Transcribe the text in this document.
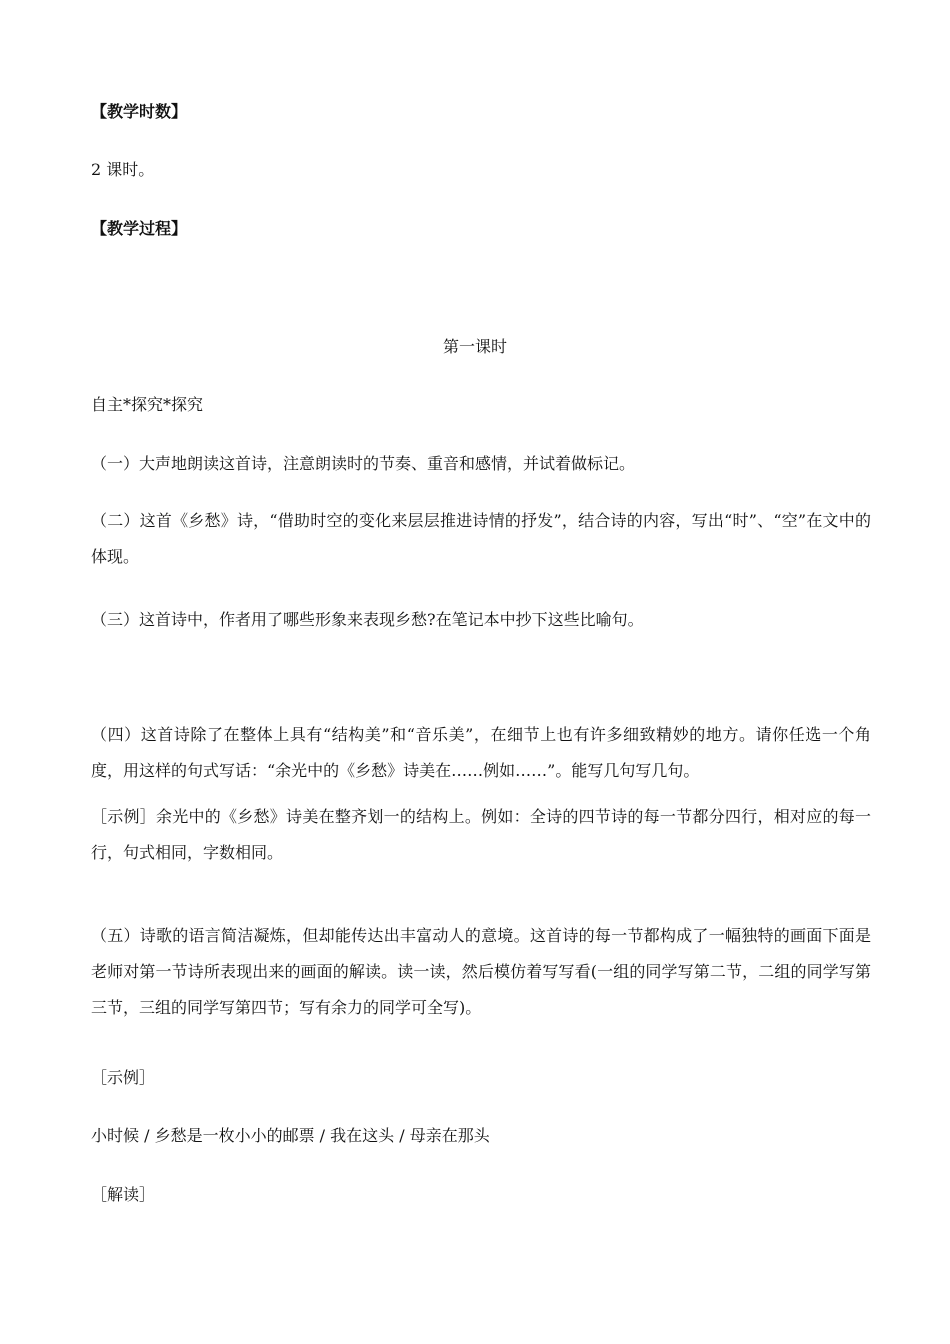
【教学时数】
2 课时。
【教学过程】
第一课时
自主*探究*探究
（一）大声地朗读这首诗，注意朗读时的节奏、重音和感情，并试着做标记。
（二）这首《乡愁》诗，“借助时空的变化来层层推进诗情的抒发”，结合诗的内容，写出“时”、“空”在文中的体现。
（三）这首诗中，作者用了哪些形象来表现乡愁?在笔记本中抄下这些比喻句。
（四）这首诗除了在整体上具有“结构美”和“音乐美”，在细节上也有许多细致精妙的地方。请你任选一个角度，用这样的句式写话：“余光中的《乡愁》诗美在……例如……”。能写几句写几句。
［示例］余光中的《乡愁》诗美在整齐划一的结构上。例如：全诗的四节诗的每一节都分四行，相对应的每一行，句式相同，字数相同。
（五）诗歌的语言简洁凝炼，但却能传达出丰富动人的意境。这首诗的每一节都构成了一幅独特的画面下面是老师对第一节诗所表现出来的画面的解读。读一读，然后模仿着写写看(一组的同学写第二节，二组的同学写第三节，三组的同学写第四节；写有余力的同学可全写)。
［示例］
小时候 / 乡愁是一枚小小的邮票 / 我在这头 / 母亲在那头
［解读］
